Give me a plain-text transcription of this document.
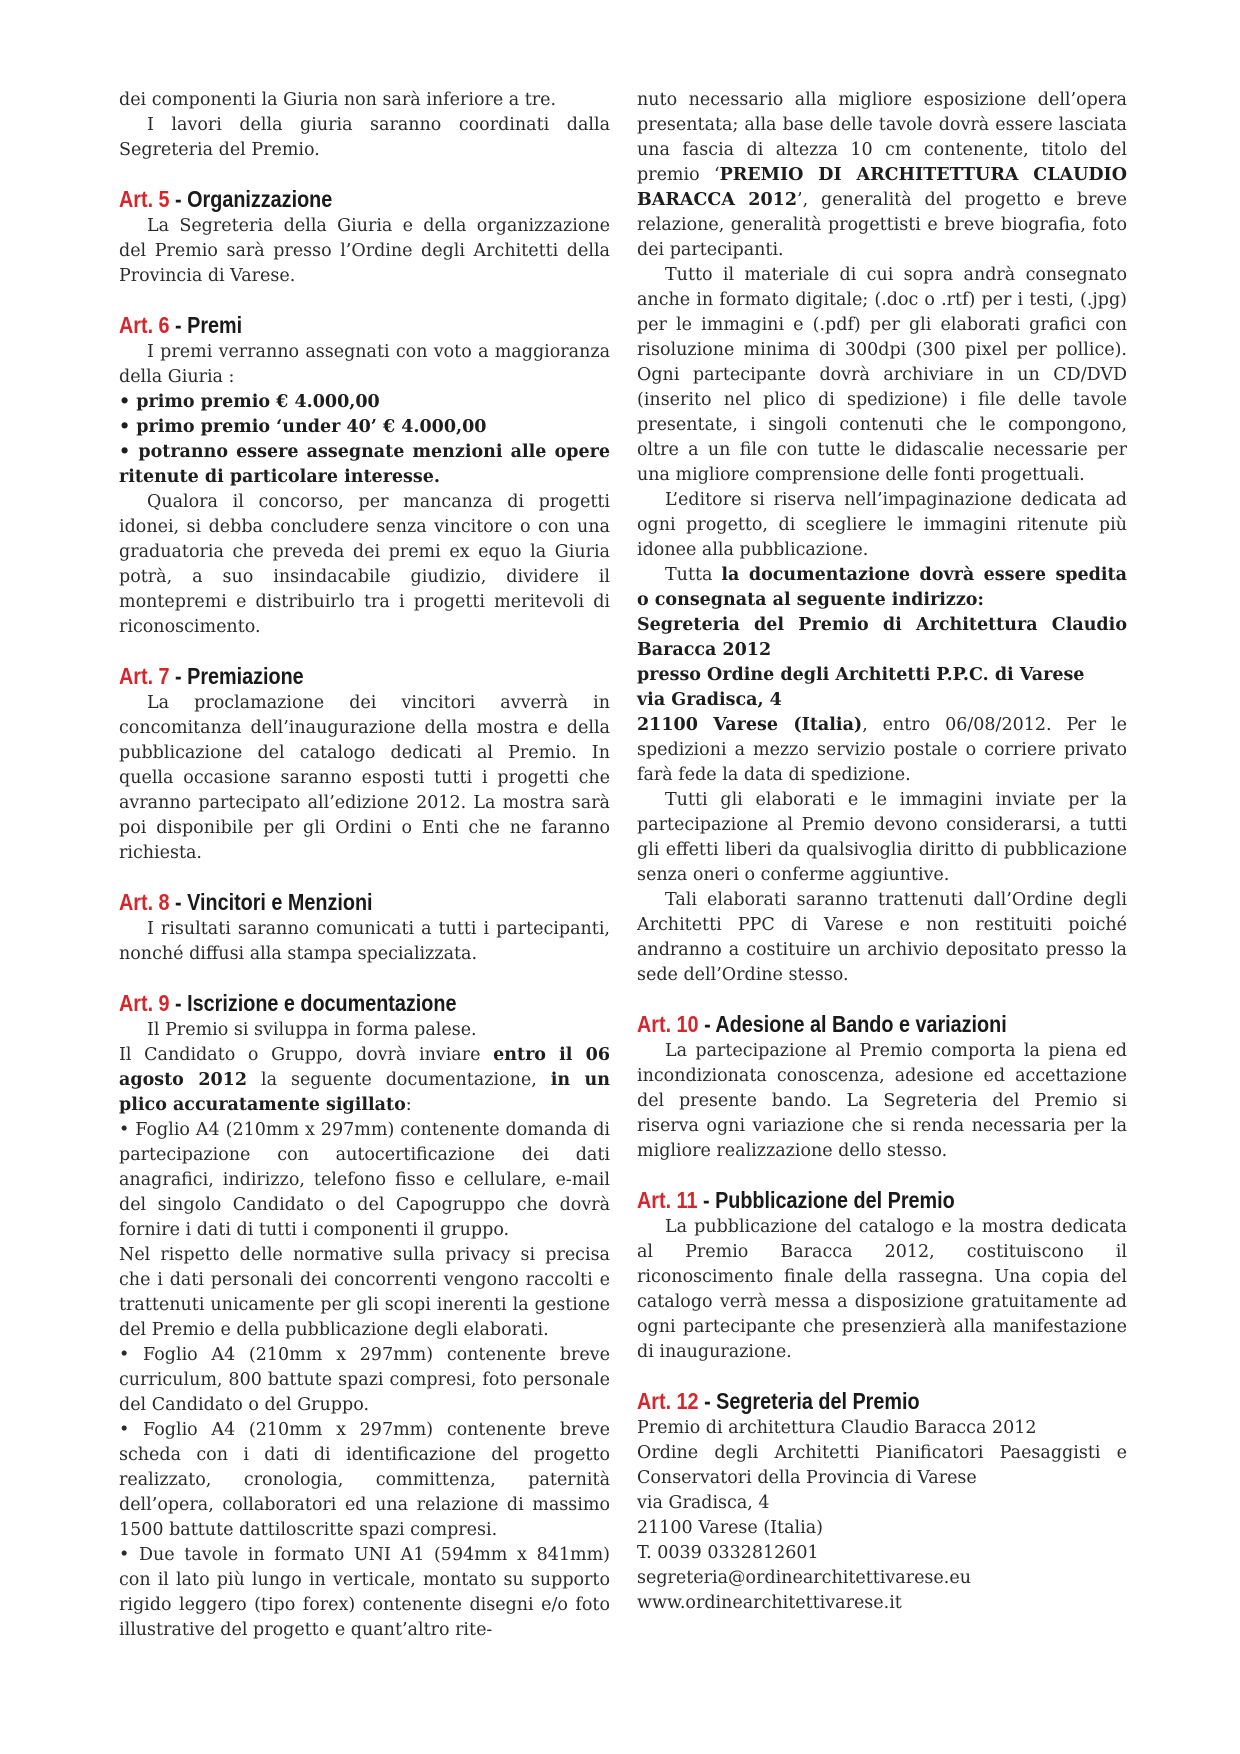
dei componenti la Giuria non sarà inferiore a tre.

I lavori della giuria saranno coordinati dalla Segreteria del Premio.

Art. 5 - Organizzazione

La Segreteria della Giuria e della organizzazione del Premio sarà presso l’Ordine degli Architetti della Provincia di Varese.

Art. 6 - Premi

I premi verranno assegnati con voto a maggioranza della Giuria :

• primo premio € 4.000,00

• primo premio ‘under 40’ € 4.000,00

• potranno essere assegnate menzioni alle opere ritenute di particolare interesse.

Qualora il concorso, per mancanza di progetti idonei, si debba concludere senza vincitore o con una graduatoria che preveda dei premi ex equo la Giuria potrà, a suo insindacabile giudizio, dividere il montepremi e distribuirlo tra i progetti meritevoli di riconoscimento.

Art. 7 - Premiazione

La proclamazione dei vincitori avverrà in concomitanza dell’inaugurazione della mostra e della pubblicazione del catalogo dedicati al Premio. In quella occasione saranno esposti tutti i progetti che avranno partecipato all’edizione 2012. La mostra sarà poi disponibile per gli Ordini o Enti che ne faranno richiesta.

Art. 8 - Vincitori e Menzioni

I risultati saranno comunicati a tutti i partecipanti, nonché diffusi alla stampa specializzata.

Art. 9 - Iscrizione e documentazione

Il Premio si sviluppa in forma palese.

Il Candidato o Gruppo, dovrà inviare entro il 06 agosto 2012 la seguente documentazione, in un plico accuratamente sigillato:

• Foglio A4 (210mm x 297mm) contenente domanda di partecipazione con autocertificazione dei dati anagrafici, indirizzo, telefono fisso e cellulare, e-mail del singolo Candidato o del Capogruppo che dovrà fornire i dati di tutti i componenti il gruppo.

Nel rispetto delle normative sulla privacy si precisa che i dati personali dei concorrenti vengono raccolti e trattenuti unicamente per gli scopi inerenti la gestione del Premio e della pubblicazione degli elaborati.

• Foglio A4 (210mm x 297mm) contenente breve curriculum, 800 battute spazi compresi, foto personale del Candidato o del Gruppo.

• Foglio A4 (210mm x 297mm) contenente breve scheda con i dati di identificazione del progetto realizzato, cronologia, committenza, paternità dell’opera, collaboratori ed una relazione di massimo 1500 battute dattiloscritte spazi compresi.

• Due tavole in formato UNI A1 (594mm x 841mm) con il lato più lungo in verticale, montato su supporto rigido leggero (tipo forex) contenente disegni e/o foto illustrative del progetto e quant’altro rite-

nuto necessario alla migliore esposizione dell’opera presentata; alla base delle tavole dovrà essere lasciata una fascia di altezza 10 cm contenente, titolo del premio ‘PREMIO DI ARCHITETTURA CLAUDIO BARACCA 2012’, generalità del progetto e breve relazione, generalità progettisti e breve biografia, foto dei partecipanti.

Tutto il materiale di cui sopra andrà consegnato anche in formato digitale; (.doc o .rtf) per i testi, (.jpg) per le immagini e (.pdf) per gli elaborati grafici con risoluzione minima di 300dpi (300 pixel per pollice). Ogni partecipante dovrà archiviare in un CD/DVD (inserito nel plico di spedizione) i file delle tavole presentate, i singoli contenuti che le compongono, oltre a un file con tutte le didascalie necessarie per una migliore comprensione delle fonti progettuali.

L’editore si riserva nell’impaginazione dedicata ad ogni progetto, di scegliere le immagini ritenute più idonee alla pubblicazione.

Tutta la documentazione dovrà essere spedita o consegnata al seguente indirizzo:

Segreteria del Premio di Architettura Claudio Baracca 2012

presso Ordine degli Architetti P.P.C. di Varese

via Gradisca, 4

21100 Varese (Italia), entro 06/08/2012. Per le spedizioni a mezzo servizio postale o corriere privato farà fede la data di spedizione.

Tutti gli elaborati e le immagini inviate per la partecipazione al Premio devono considerarsi, a tutti gli effetti liberi da qualsivoglia diritto di pubblicazione senza oneri o conferme aggiuntive.

Tali elaborati saranno trattenuti dall’Ordine degli Architetti PPC di Varese e non restituiti poiché andranno a costituire un archivio depositato presso la sede dell’Ordine stesso.

Art. 10 - Adesione al Bando e variazioni

La partecipazione al Premio comporta la piena ed incondizionata conoscenza, adesione ed accettazione del presente bando. La Segreteria del Premio si riserva ogni variazione che si renda necessaria per la migliore realizzazione dello stesso.

Art. 11 - Pubblicazione del Premio

La pubblicazione del catalogo e la mostra dedicata al Premio Baracca 2012, costituiscono il riconoscimento finale della rassegna. Una copia del catalogo verrà messa a disposizione gratuitamente ad ogni partecipante che presenzierà alla manifestazione di inaugurazione.

Art. 12 - Segreteria del Premio

Premio di architettura Claudio Baracca 2012

Ordine degli Architetti Pianificatori Paesaggisti e Conservatori della Provincia di Varese

via Gradisca, 4

21100 Varese (Italia)

T. 0039 0332812601

segreteria@ordinearchitettivarese.eu

www.ordinearchitettivarese.it
